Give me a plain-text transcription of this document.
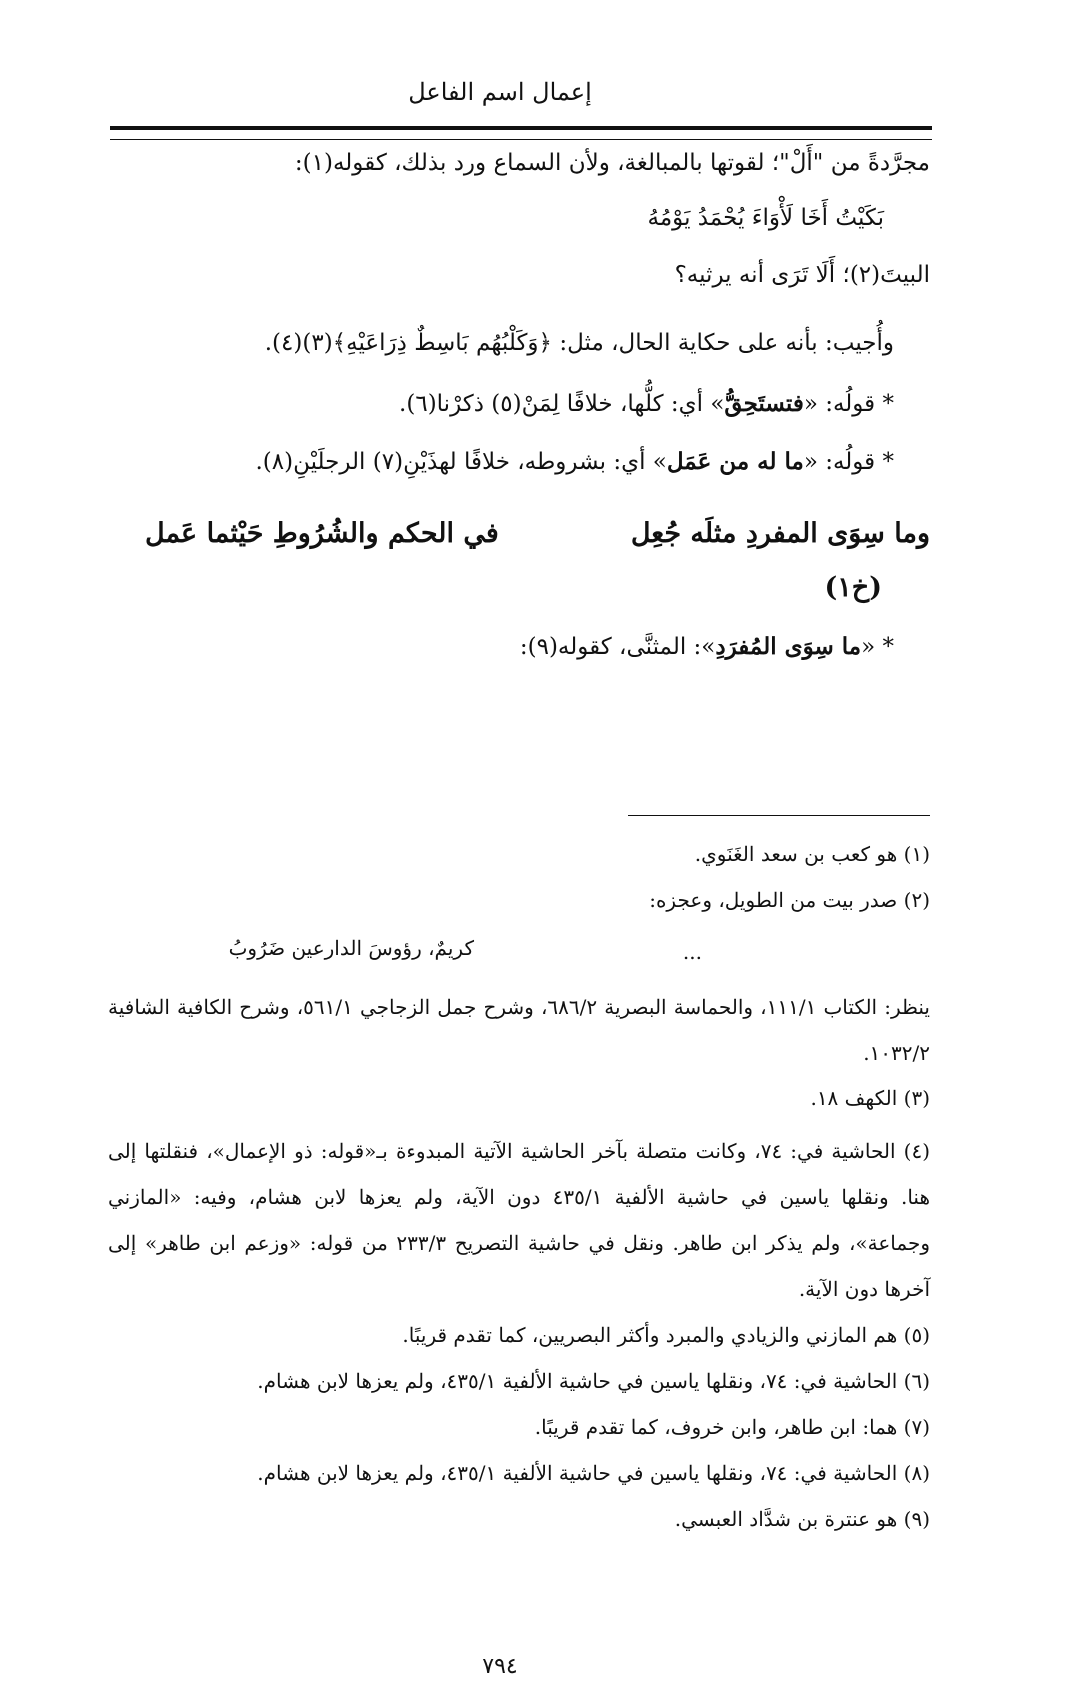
إعمال اسم الفاعل
مجرَّدةً من "أَلْ"؛ لقوتها بالمبالغة، ولأن السماع ورد بذلك، كقوله(١):
بَكَيْتُ أَخَا لَأْوَاءَ يُحْمَدُ يَوْمُهُ
البيتَ(٢)؛ أَلَا تَرَى أنه يرثيه؟
وأُجيب: بأنه على حكاية الحال، مثل: ﴿وَكَلْبُهُم بَاسِطٌ ذِرَاعَيْهِ﴾(٣)(٤).
* قولُه: «فتستَحِقُّ» أي: كلُّها، خلافًا لِمَنْ(٥) ذكرْنا(٦).
* قولُه: «ما له من عَمَل» أي: بشروطه، خلافًا لهذَيْنِ(٧) الرجلَيْنِ(٨).
وما سِوَى المفردِ مثلَه جُعِل
في الحكم والشُرُوطِ حَيْثما عَمل
(خ١)
* «ما سِوَى المُفرَدِ»: المثنَّى، كقوله(٩):
(١) هو كعب بن سعد الغَنَوي.
(٢) صدر بيت من الطويل، وعجزه:
...
كريمٌ، رؤوسَ الدارعين ضَرُوبُ
ينظر: الكتاب ١١١/١، والحماسة البصرية ٦٨٦/٢، وشرح جمل الزجاجي ٥٦١/١، وشرح الكافية الشافية ١٠٣٢/٢.
(٣) الكهف ١٨.
(٤) الحاشية في: ٧٤، وكانت متصلة بآخر الحاشية الآتية المبدوءة بـ«قوله: ذو الإعمال»، فنقلتها إلى هنا. ونقلها ياسين في حاشية الألفية ٤٣٥/١ دون الآية، ولم يعزها لابن هشام، وفيه: «المازني وجماعة»، ولم يذكر ابن طاهر. ونقل في حاشية التصريح ٢٣٣/٣ من قوله: «وزعم ابن طاهر» إلى آخرها دون الآية.
(٥) هم المازني والزيادي والمبرد وأكثر البصريين، كما تقدم قريبًا.
(٦) الحاشية في: ٧٤، ونقلها ياسين في حاشية الألفية ٤٣٥/١، ولم يعزها لابن هشام.
(٧) هما: ابن طاهر، وابن خروف، كما تقدم قريبًا.
(٨) الحاشية في: ٧٤، ونقلها ياسين في حاشية الألفية ٤٣٥/١، ولم يعزها لابن هشام.
(٩) هو عنترة بن شدَّاد العبسي.
٧٩٤
